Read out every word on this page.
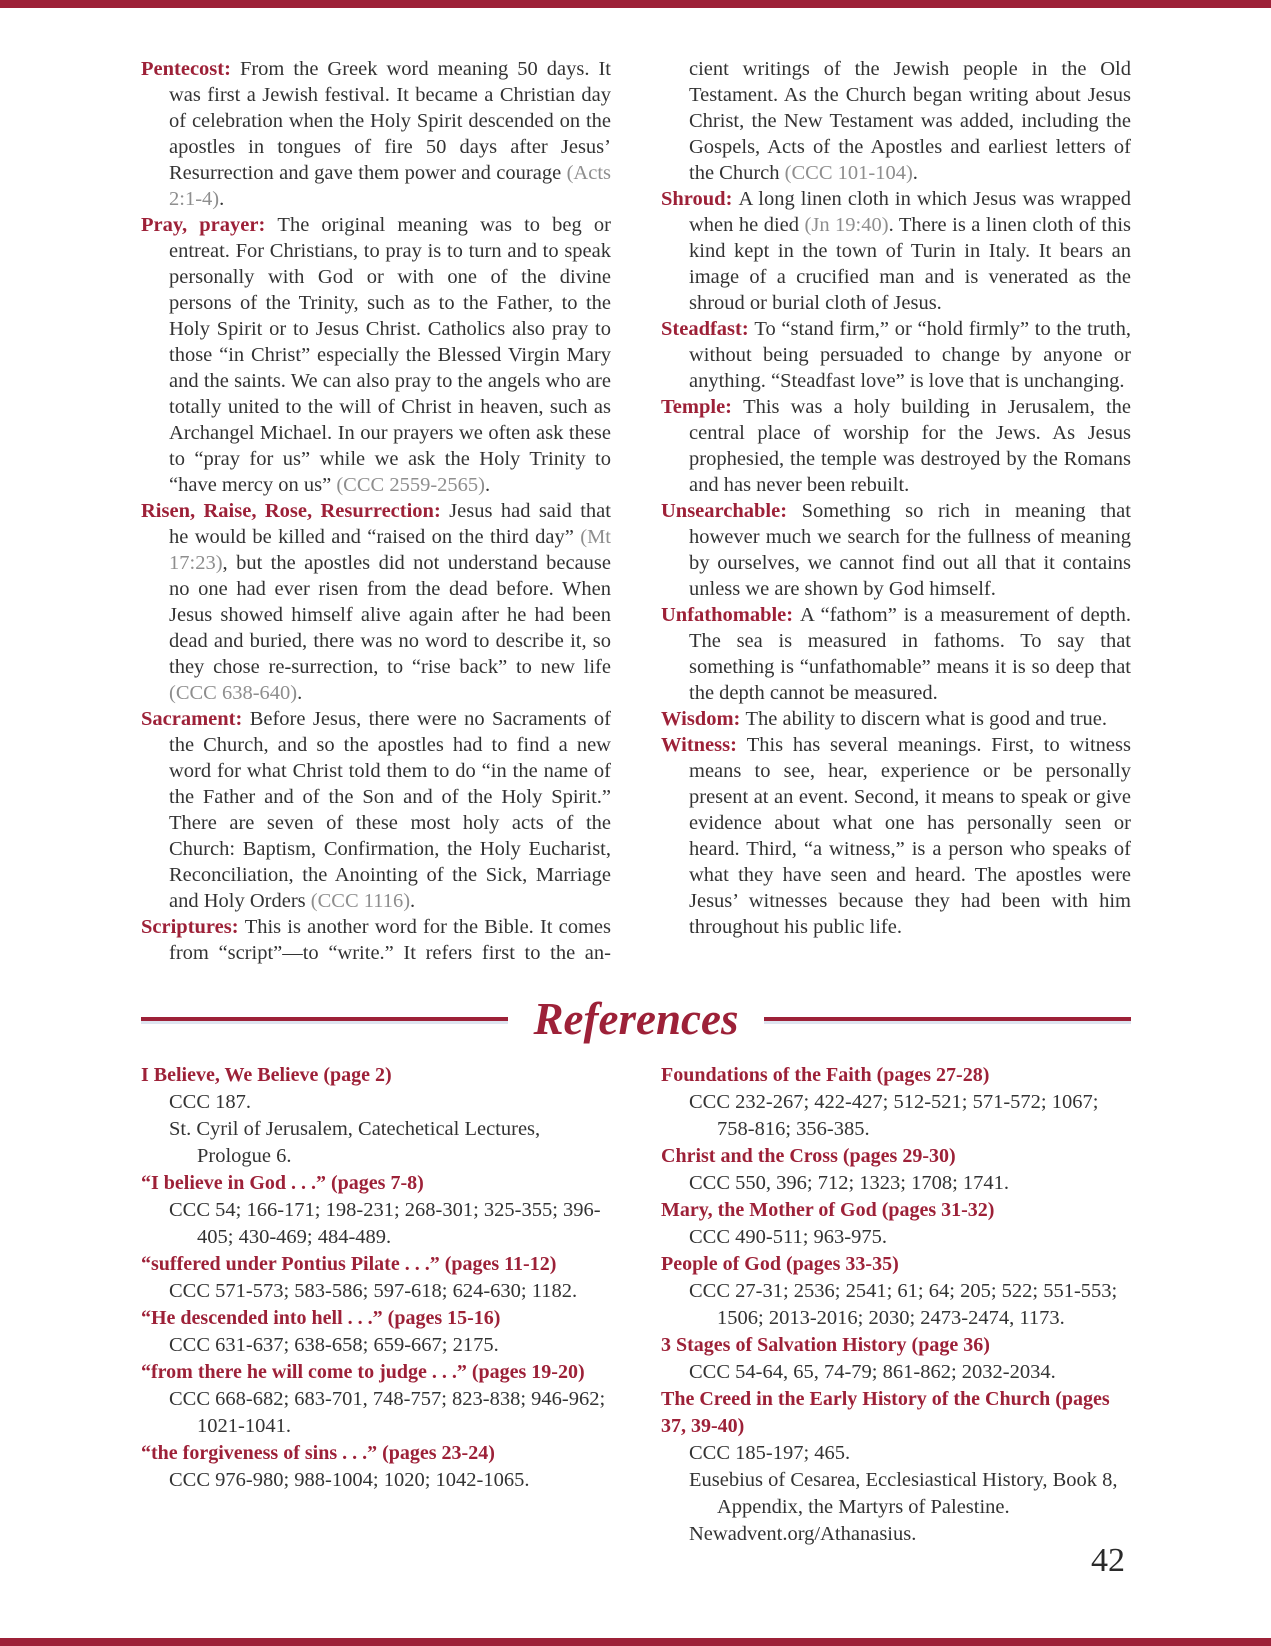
Pentecost: From the Greek word meaning 50 days. It was first a Jewish festival. It became a Christian day of celebration when the Holy Spirit descended on the apostles in tongues of fire 50 days after Jesus’ Resurrection and gave them power and courage (Acts 2:1-4).

Pray, prayer: The original meaning was to beg or entreat. For Christians, to pray is to turn and to speak personally with God or with one of the divine persons of the Trinity, such as to the Father, to the Holy Spirit or to Jesus Christ. Catholics also pray to those “in Christ” especially the Blessed Virgin Mary and the saints. We can also pray to the angels who are totally united to the will of Christ in heaven, such as Archangel Michael. In our prayers we often ask these to “pray for us” while we ask the Holy Trinity to “have mercy on us” (CCC 2559-2565).

Risen, Raise, Rose, Resurrection: Jesus had said that he would be killed and “raised on the third day” (Mt 17:23), but the apostles did not understand because no one had ever risen from the dead before. When Jesus showed himself alive again after he had been dead and buried, there was no word to describe it, so they chose re-surrection, to “rise back” to new life (CCC 638-640).

Sacrament: Before Jesus, there were no Sacraments of the Church, and so the apostles had to find a new word for what Christ told them to do “in the name of the Father and of the Son and of the Holy Spirit.” There are seven of these most holy acts of the Church: Baptism, Confirmation, the Holy Eucharist, Reconciliation, the Anointing of the Sick, Marriage and Holy Orders (CCC 1116).

Scriptures: This is another word for the Bible. It comes from “script”—to “write.” It refers first to the an-

cient writings of the Jewish people in the Old Testament. As the Church began writing about Jesus Christ, the New Testament was added, including the Gospels, Acts of the Apostles and earliest letters of the Church (CCC 101-104).

Shroud: A long linen cloth in which Jesus was wrapped when he died (Jn 19:40). There is a linen cloth of this kind kept in the town of Turin in Italy. It bears an image of a crucified man and is venerated as the shroud or burial cloth of Jesus.

Steadfast: To “stand firm,” or “hold firmly” to the truth, without being persuaded to change by anyone or anything. “Steadfast love” is love that is unchanging.

Temple: This was a holy building in Jerusalem, the central place of worship for the Jews. As Jesus prophesied, the temple was destroyed by the Romans and has never been rebuilt.

Unsearchable: Something so rich in meaning that however much we search for the fullness of meaning by ourselves, we cannot find out all that it contains unless we are shown by God himself.

Unfathomable: A “fathom” is a measurement of depth. The sea is measured in fathoms. To say that something is “unfathomable” means it is so deep that the depth cannot be measured.

Wisdom: The ability to discern what is good and true.

Witness: This has several meanings. First, to witness means to see, hear, experience or be personally present at an event. Second, it means to speak or give evidence about what one has personally seen or heard. Third, “a witness,” is a person who speaks of what they have seen and heard. The apostles were Jesus’ witnesses because they had been with him throughout his public life.

References

I Believe, We Believe (page 2)

CCC 187.

St. Cyril of Jerusalem, Catechetical Lectures, Prologue 6.

“I believe in God . . .” (pages 7-8)

CCC 54; 166-171; 198-231; 268-301; 325-355; 396-405; 430-469; 484-489.

“suffered under Pontius Pilate . . .” (pages 11-12)

CCC 571-573; 583-586; 597-618; 624-630; 1182.

“He descended into hell . . .” (pages 15-16)

CCC 631-637; 638-658; 659-667; 2175.

“from there he will come to judge . . .” (pages 19-20)

CCC 668-682; 683-701, 748-757; 823-838; 946-962; 1021-1041.

“the forgiveness of sins . . .” (pages 23-24)

CCC 976-980; 988-1004; 1020; 1042-1065.

Foundations of the Faith (pages 27-28)

CCC 232-267; 422-427; 512-521; 571-572; 1067; 758-816; 356-385.

Christ and the Cross (pages 29-30)

CCC 550, 396; 712; 1323; 1708; 1741.

Mary, the Mother of God (pages 31-32)

CCC 490-511; 963-975.

People of God (pages 33-35)

CCC 27-31; 2536; 2541; 61; 64; 205; 522; 551-553; 1506; 2013-2016; 2030; 2473-2474, 1173.

3 Stages of Salvation History (page 36)

CCC 54-64, 65, 74-79; 861-862; 2032-2034.

The Creed in the Early History of the Church (pages 37, 39-40)

CCC 185-197; 465.

Eusebius of Cesarea, Ecclesiastical History, Book 8, Appendix, the Martyrs of Palestine.

Newadvent.org/Athanasius.

42
